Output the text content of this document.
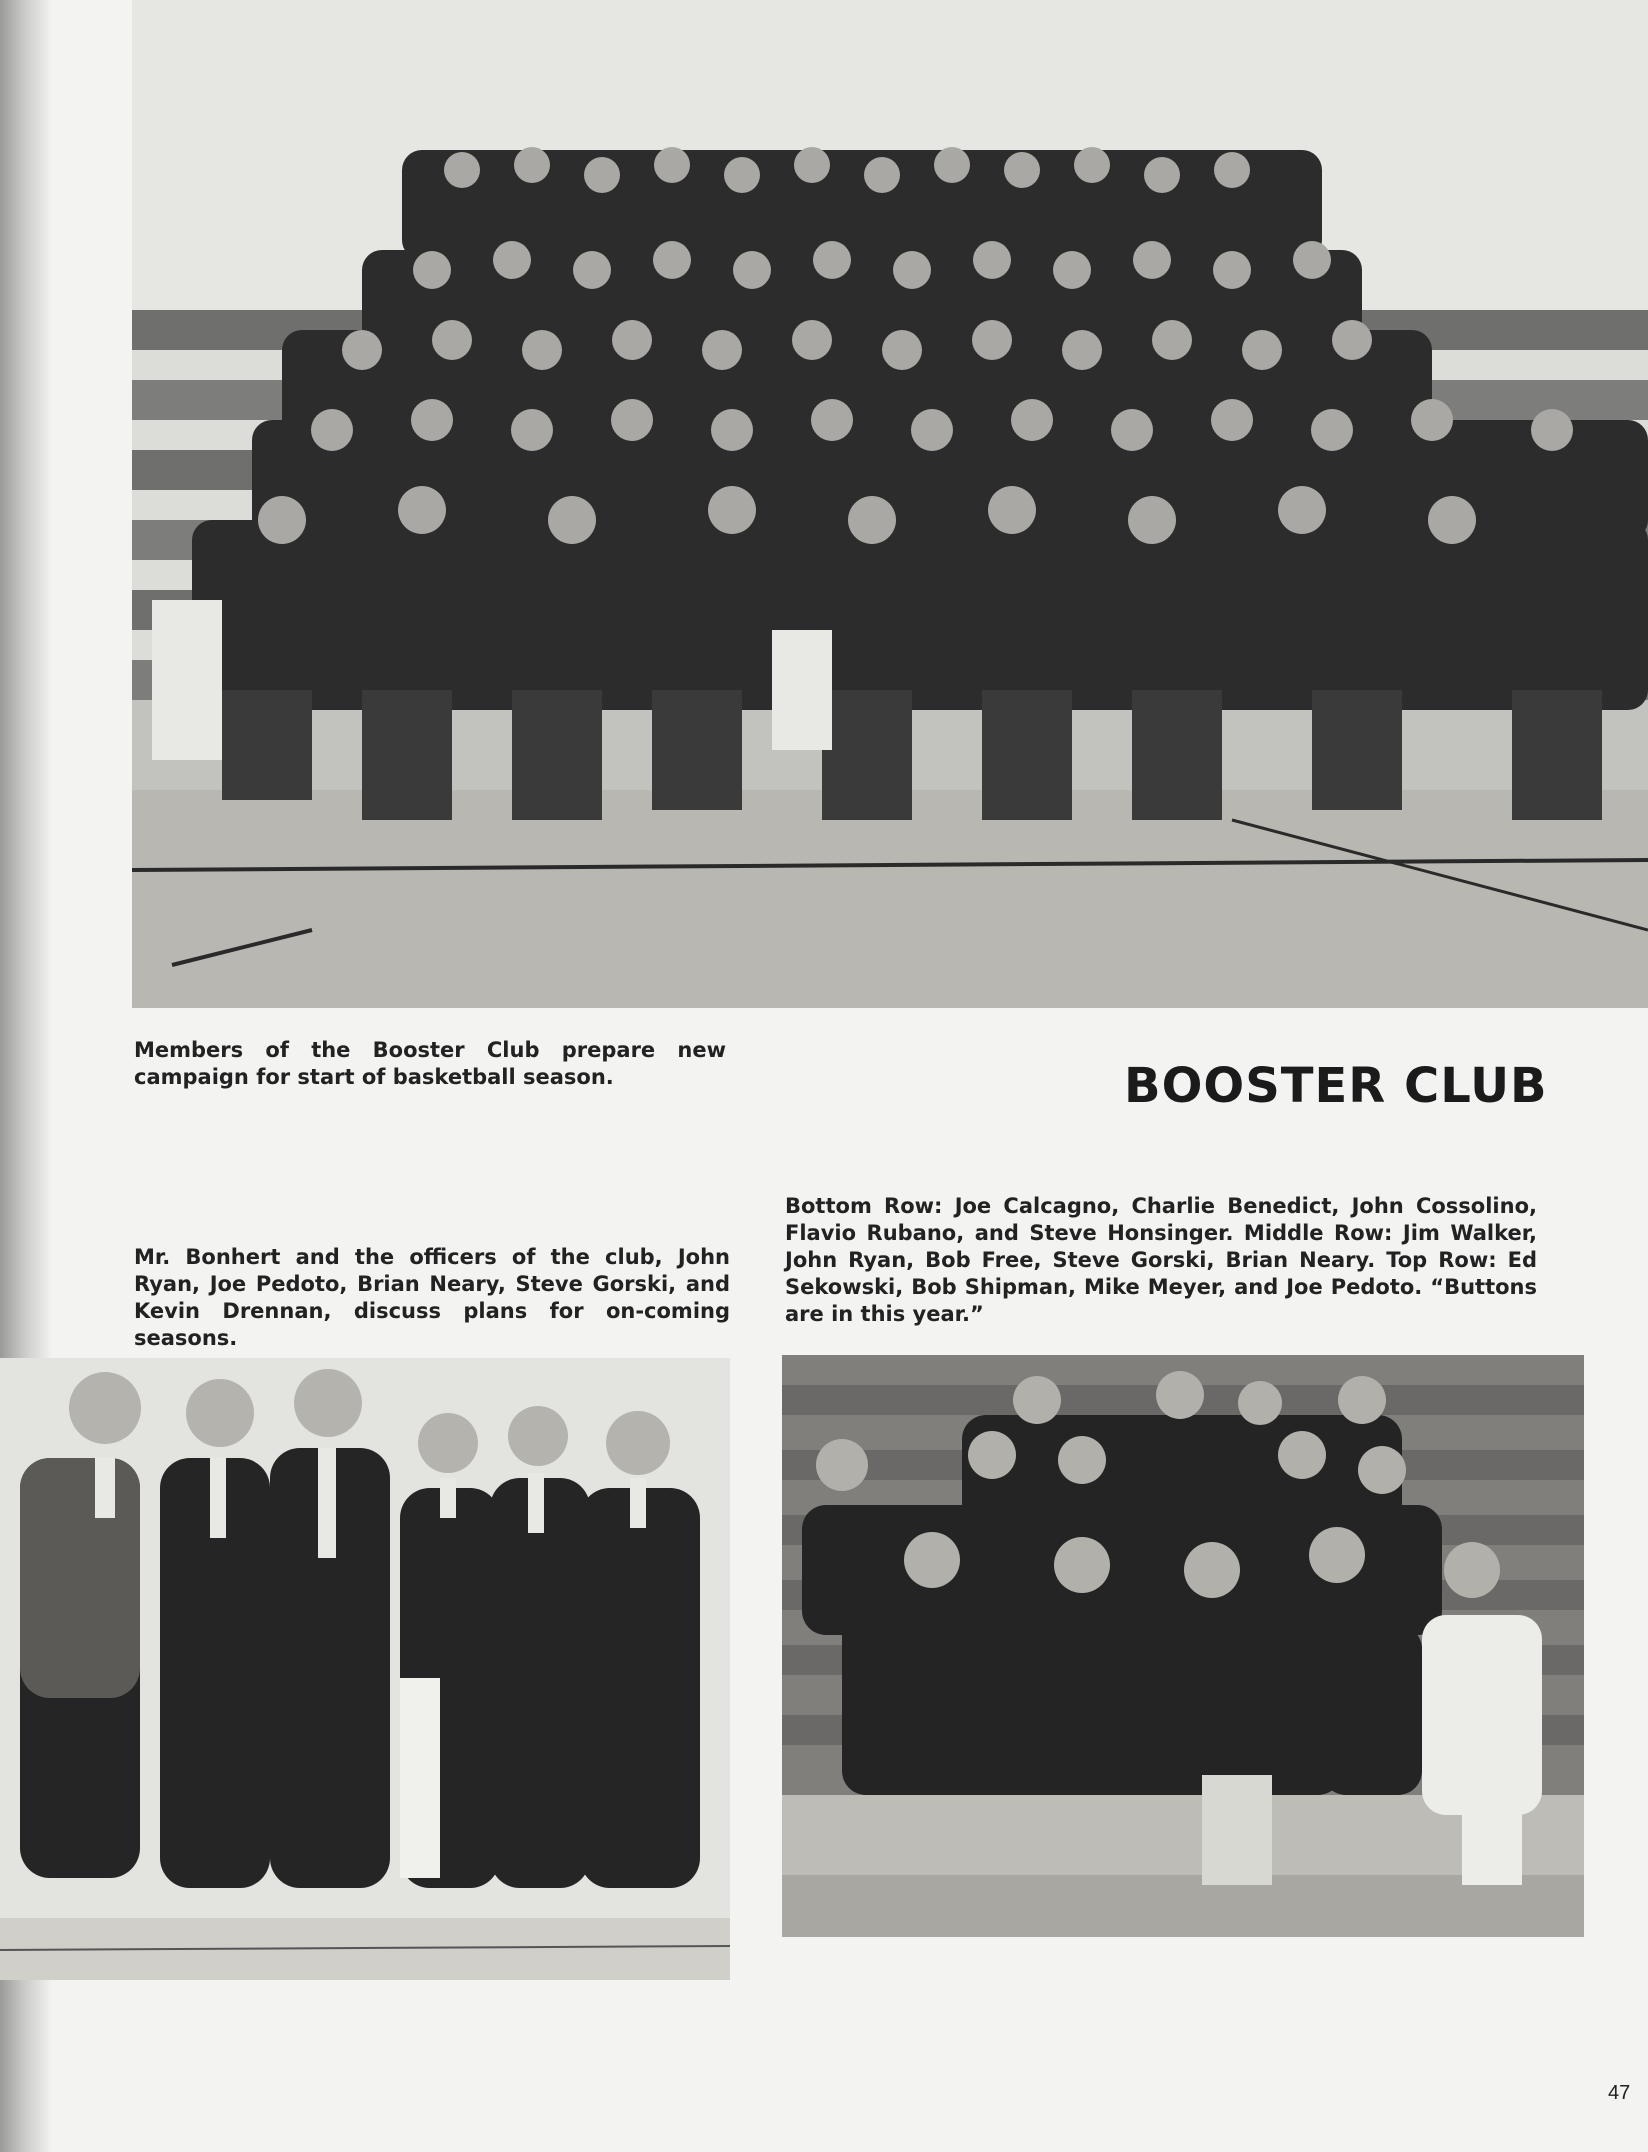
Members of the Booster Club prepare new campaign for start of basketball season.	BOOSTER CLUB
Mr. Bonhert and the officers of the club, John Ryan, Joe Pedoto, Brian Neary, Steve Gorski, and Kevin Drennan, discuss plans for on-coming seasons.
Bottom Row: Joe Calcagno, Charlie Benedict, John Cossolino, Flavio Rubano, and Steve Honsinger. Middle Row: Jim Walker, John Ryan, Bob Free, Steve Gorski, Brian Neary. Top Row: Ed Sekowski, Bob Shipman, Mike Meyer, and Joe Pedoto. “Buttons are in this year.”
47
